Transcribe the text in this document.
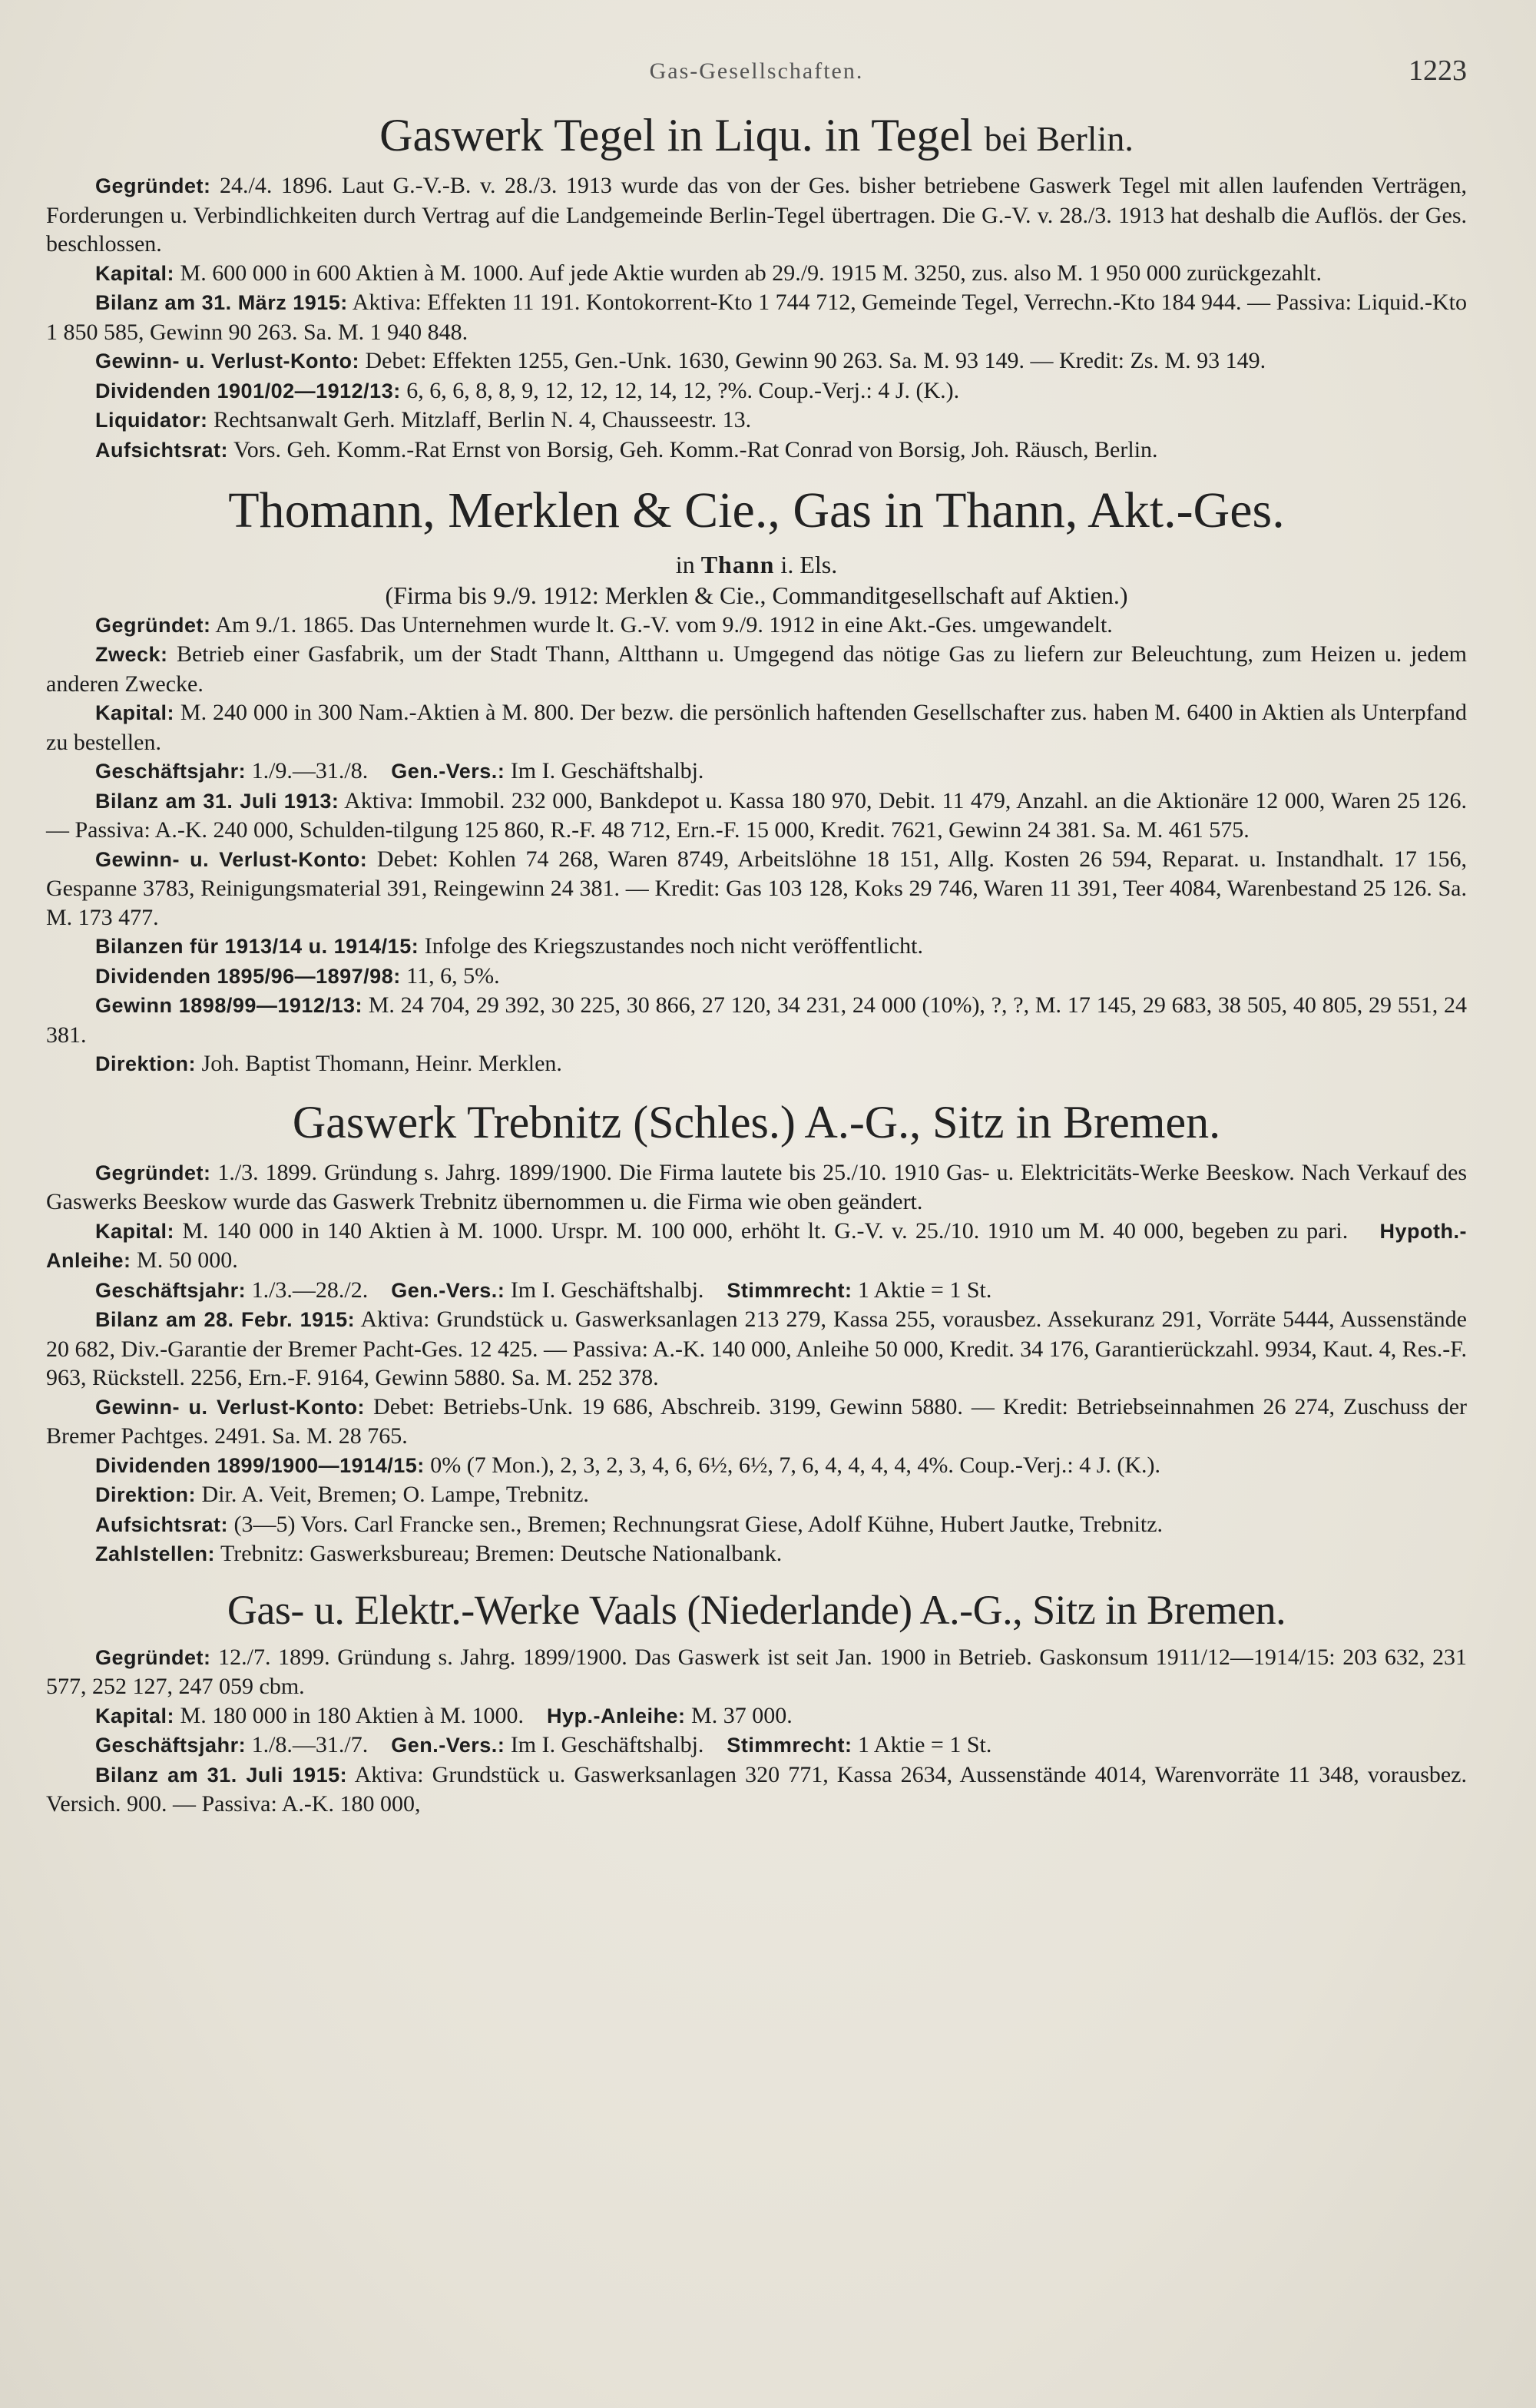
Gas-Gesellschaften.	1223
Gaswerk Tegel in Liqu. in Tegel bei Berlin.

Gegründet: 24./4. 1896. Laut G.-V.-B. v. 28./3. 1913 wurde das von der Ges. bisher betriebene Gaswerk Tegel mit allen laufenden Verträgen, Forderungen u. Verbindlichkeiten durch Vertrag auf die Landgemeinde Berlin-Tegel übertragen. Die G.-V. v. 28./3. 1913 hat deshalb die Auflös. der Ges. beschlossen.

Kapital: M. 600 000 in 600 Aktien à M. 1000. Auf jede Aktie wurden ab 29./9. 1915 M. 3250, zus. also M. 1 950 000 zurückgezahlt.

Bilanz am 31. März 1915: Aktiva: Effekten 11 191. Kontokorrent-Kto 1 744 712, Gemeinde Tegel, Verrechn.-Kto 184 944. — Passiva: Liquid.-Kto 1 850 585, Gewinn 90 263. Sa. M. 1 940 848.

Gewinn- u. Verlust-Konto: Debet: Effekten 1255, Gen.-Unk. 1630, Gewinn 90 263. Sa. M. 93 149. — Kredit: Zs. M. 93 149.

Dividenden 1901/02—1912/13: 6, 6, 6, 8, 8, 9, 12, 12, 12, 14, 12, ?%. Coup.-Verj.: 4 J. (K.).

Liquidator: Rechtsanwalt Gerh. Mitzlaff, Berlin N. 4, Chausseestr. 13.

Aufsichtsrat: Vors. Geh. Komm.-Rat Ernst von Borsig, Geh. Komm.-Rat Conrad von Borsig, Joh. Räusch, Berlin.

Thomann, Merklen & Cie., Gas in Thann, Akt.-Ges.

in Thann i. Els.

(Firma bis 9./9. 1912: Merklen & Cie., Commanditgesellschaft auf Aktien.)

Gegründet: Am 9./1. 1865. Das Unternehmen wurde lt. G.-V. vom 9./9. 1912 in eine Akt.-Ges. umgewandelt.

Zweck: Betrieb einer Gasfabrik, um der Stadt Thann, Altthann u. Umgegend das nötige Gas zu liefern zur Beleuchtung, zum Heizen u. jedem anderen Zwecke.

Kapital: M. 240 000 in 300 Nam.-Aktien à M. 800. Der bezw. die persönlich haftenden Gesellschafter zus. haben M. 6400 in Aktien als Unterpfand zu bestellen.

Geschäftsjahr: 1./9.—31./8. Gen.-Vers.: Im I. Geschäftshalbj.

Bilanz am 31. Juli 1913: Aktiva: Immobil. 232 000, Bankdepot u. Kassa 180 970, Debit. 11 479, Anzahl. an die Aktionäre 12 000, Waren 25 126. — Passiva: A.-K. 240 000, Schulden-tilgung 125 860, R.-F. 48 712, Ern.-F. 15 000, Kredit. 7621, Gewinn 24 381. Sa. M. 461 575.

Gewinn- u. Verlust-Konto: Debet: Kohlen 74 268, Waren 8749, Arbeitslöhne 18 151, Allg. Kosten 26 594, Reparat. u. Instandhalt. 17 156, Gespanne 3783, Reinigungsmaterial 391, Reingewinn 24 381. — Kredit: Gas 103 128, Koks 29 746, Waren 11 391, Teer 4084, Warenbestand 25 126. Sa. M. 173 477.

Bilanzen für 1913/14 u. 1914/15: Infolge des Kriegszustandes noch nicht veröffentlicht.

Dividenden 1895/96—1897/98: 11, 6, 5%.

Gewinn 1898/99—1912/13: M. 24 704, 29 392, 30 225, 30 866, 27 120, 34 231, 24 000 (10%), ?, ?, M. 17 145, 29 683, 38 505, 40 805, 29 551, 24 381.

Direktion: Joh. Baptist Thomann, Heinr. Merklen.

Gaswerk Trebnitz (Schles.) A.-G., Sitz in Bremen.

Gegründet: 1./3. 1899. Gründung s. Jahrg. 1899/1900. Die Firma lautete bis 25./10. 1910 Gas- u. Elektricitäts-Werke Beeskow. Nach Verkauf des Gaswerks Beeskow wurde das Gaswerk Trebnitz übernommen u. die Firma wie oben geändert.

Kapital: M. 140 000 in 140 Aktien à M. 1000. Urspr. M. 100 000, erhöht lt. G.-V. v. 25./10. 1910 um M. 40 000, begeben zu pari. Hypoth.-Anleihe: M. 50 000.

Geschäftsjahr: 1./3.—28./2. Gen.-Vers.: Im I. Geschäftshalbj. Stimmrecht: 1 Aktie = 1 St.

Bilanz am 28. Febr. 1915: Aktiva: Grundstück u. Gaswerksanlagen 213 279, Kassa 255, vorausbez. Assekuranz 291, Vorräte 5444, Aussenstände 20 682, Div.-Garantie der Bremer Pacht-Ges. 12 425. — Passiva: A.-K. 140 000, Anleihe 50 000, Kredit. 34 176, Garantierückzahl. 9934, Kaut. 4, Res.-F. 963, Rückstell. 2256, Ern.-F. 9164, Gewinn 5880. Sa. M. 252 378.

Gewinn- u. Verlust-Konto: Debet: Betriebs-Unk. 19 686, Abschreib. 3199, Gewinn 5880. — Kredit: Betriebseinnahmen 26 274, Zuschuss der Bremer Pachtges. 2491. Sa. M. 28 765.

Dividenden 1899/1900—1914/15: 0% (7 Mon.), 2, 3, 2, 3, 4, 6, 6½, 6½, 7, 6, 4, 4, 4, 4, 4%. Coup.-Verj.: 4 J. (K.).

Direktion: Dir. A. Veit, Bremen; O. Lampe, Trebnitz.

Aufsichtsrat: (3—5) Vors. Carl Francke sen., Bremen; Rechnungsrat Giese, Adolf Kühne, Hubert Jautke, Trebnitz.

Zahlstellen: Trebnitz: Gaswerksbureau; Bremen: Deutsche Nationalbank.

Gas- u. Elektr.-Werke Vaals (Niederlande) A.-G., Sitz in Bremen.

Gegründet: 12./7. 1899. Gründung s. Jahrg. 1899/1900. Das Gaswerk ist seit Jan. 1900 in Betrieb. Gaskonsum 1911/12—1914/15: 203 632, 231 577, 252 127, 247 059 cbm.

Kapital: M. 180 000 in 180 Aktien à M. 1000. Hyp.-Anleihe: M. 37 000.

Geschäftsjahr: 1./8.—31./7. Gen.-Vers.: Im I. Geschäftshalbj. Stimmrecht: 1 Aktie = 1 St.

Bilanz am 31. Juli 1915: Aktiva: Grundstück u. Gaswerksanlagen 320 771, Kassa 2634, Aussenstände 4014, Warenvorräte 11 348, vorausbez. Versich. 900. — Passiva: A.-K. 180 000,
